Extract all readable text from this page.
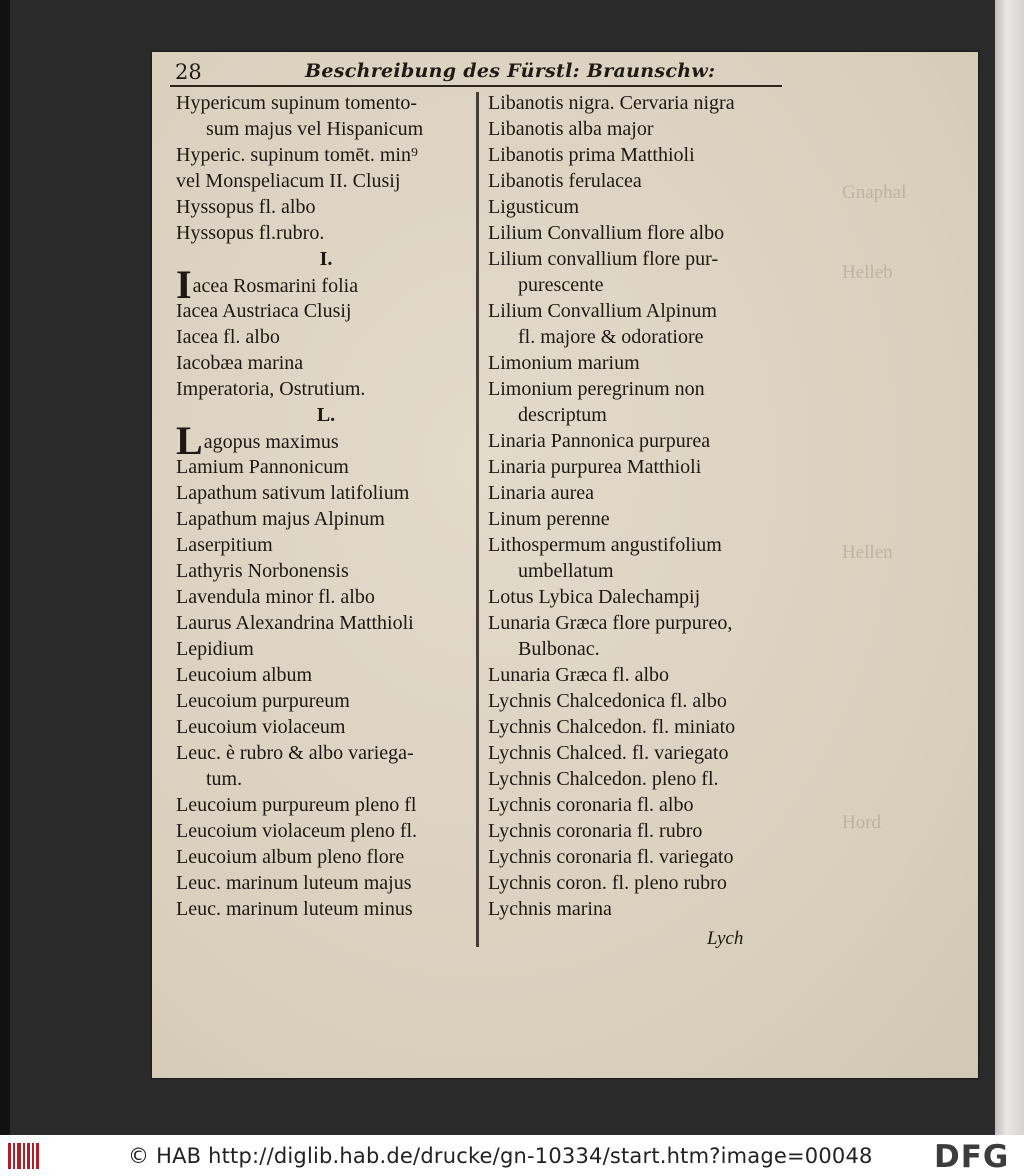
Gnaphal
Helleb
Hellen
Hord
28	Beschreibung des Fürstl: Braunschw:
Hypericum supinum tomento-
sum majus vel Hispanicum
Hyperic. supinum tomēt. min⁹
vel Monspeliacum II. Clusij
Hyssopus fl. albo
Hyssopus fl.rubro.
I.
Iacea Rosmarini folia
Iacea Austriaca Clusij
Iacea fl. albo
Iacobæa marina
Imperatoria, Ostrutium.
L.
Lagopus maximus
Lamium Pannonicum
Lapathum sativum latifolium
Lapathum majus Alpinum
Laserpitium
Lathyris Norbonensis
Lavendula minor fl. albo
Laurus Alexandrina Matthioli
Lepidium
Leucoium album
Leucoium purpureum
Leucoium violaceum
Leuc. è rubro & albo variega-
tum.
Leucoium purpureum pleno fl
Leucoium violaceum pleno fl.
Leucoium album pleno flore
Leuc. marinum luteum majus
Leuc. marinum luteum minus
Libanotis nigra. Cervaria nigra
Libanotis alba major
Libanotis prima Matthioli
Libanotis ferulacea
Ligusticum
Lilium Convallium flore albo
Lilium convallium flore pur-
purescente
Lilium Convallium Alpinum
fl. majore & odoratiore
Limonium marium
Limonium peregrinum non
descriptum
Linaria Pannonica purpurea
Linaria purpurea Matthioli
Linaria aurea
Linum perenne
Lithospermum angustifolium
umbellatum
Lotus Lybica Dalechampij
Lunaria Græca flore purpureo,
Bulbonac.
Lunaria Græca fl. albo
Lychnis Chalcedonica fl. albo
Lychnis Chalcedon. fl. miniato
Lychnis Chalced. fl. variegato
Lychnis Chalcedon. pleno fl.
Lychnis coronaria fl. albo
Lychnis coronaria fl. rubro
Lychnis coronaria fl. variegato
Lychnis coron. fl. pleno rubro
Lychnis marina
Lych
© HAB http://diglib.hab.de/drucke/gn-10334/start.htm?image=00048 DFG
